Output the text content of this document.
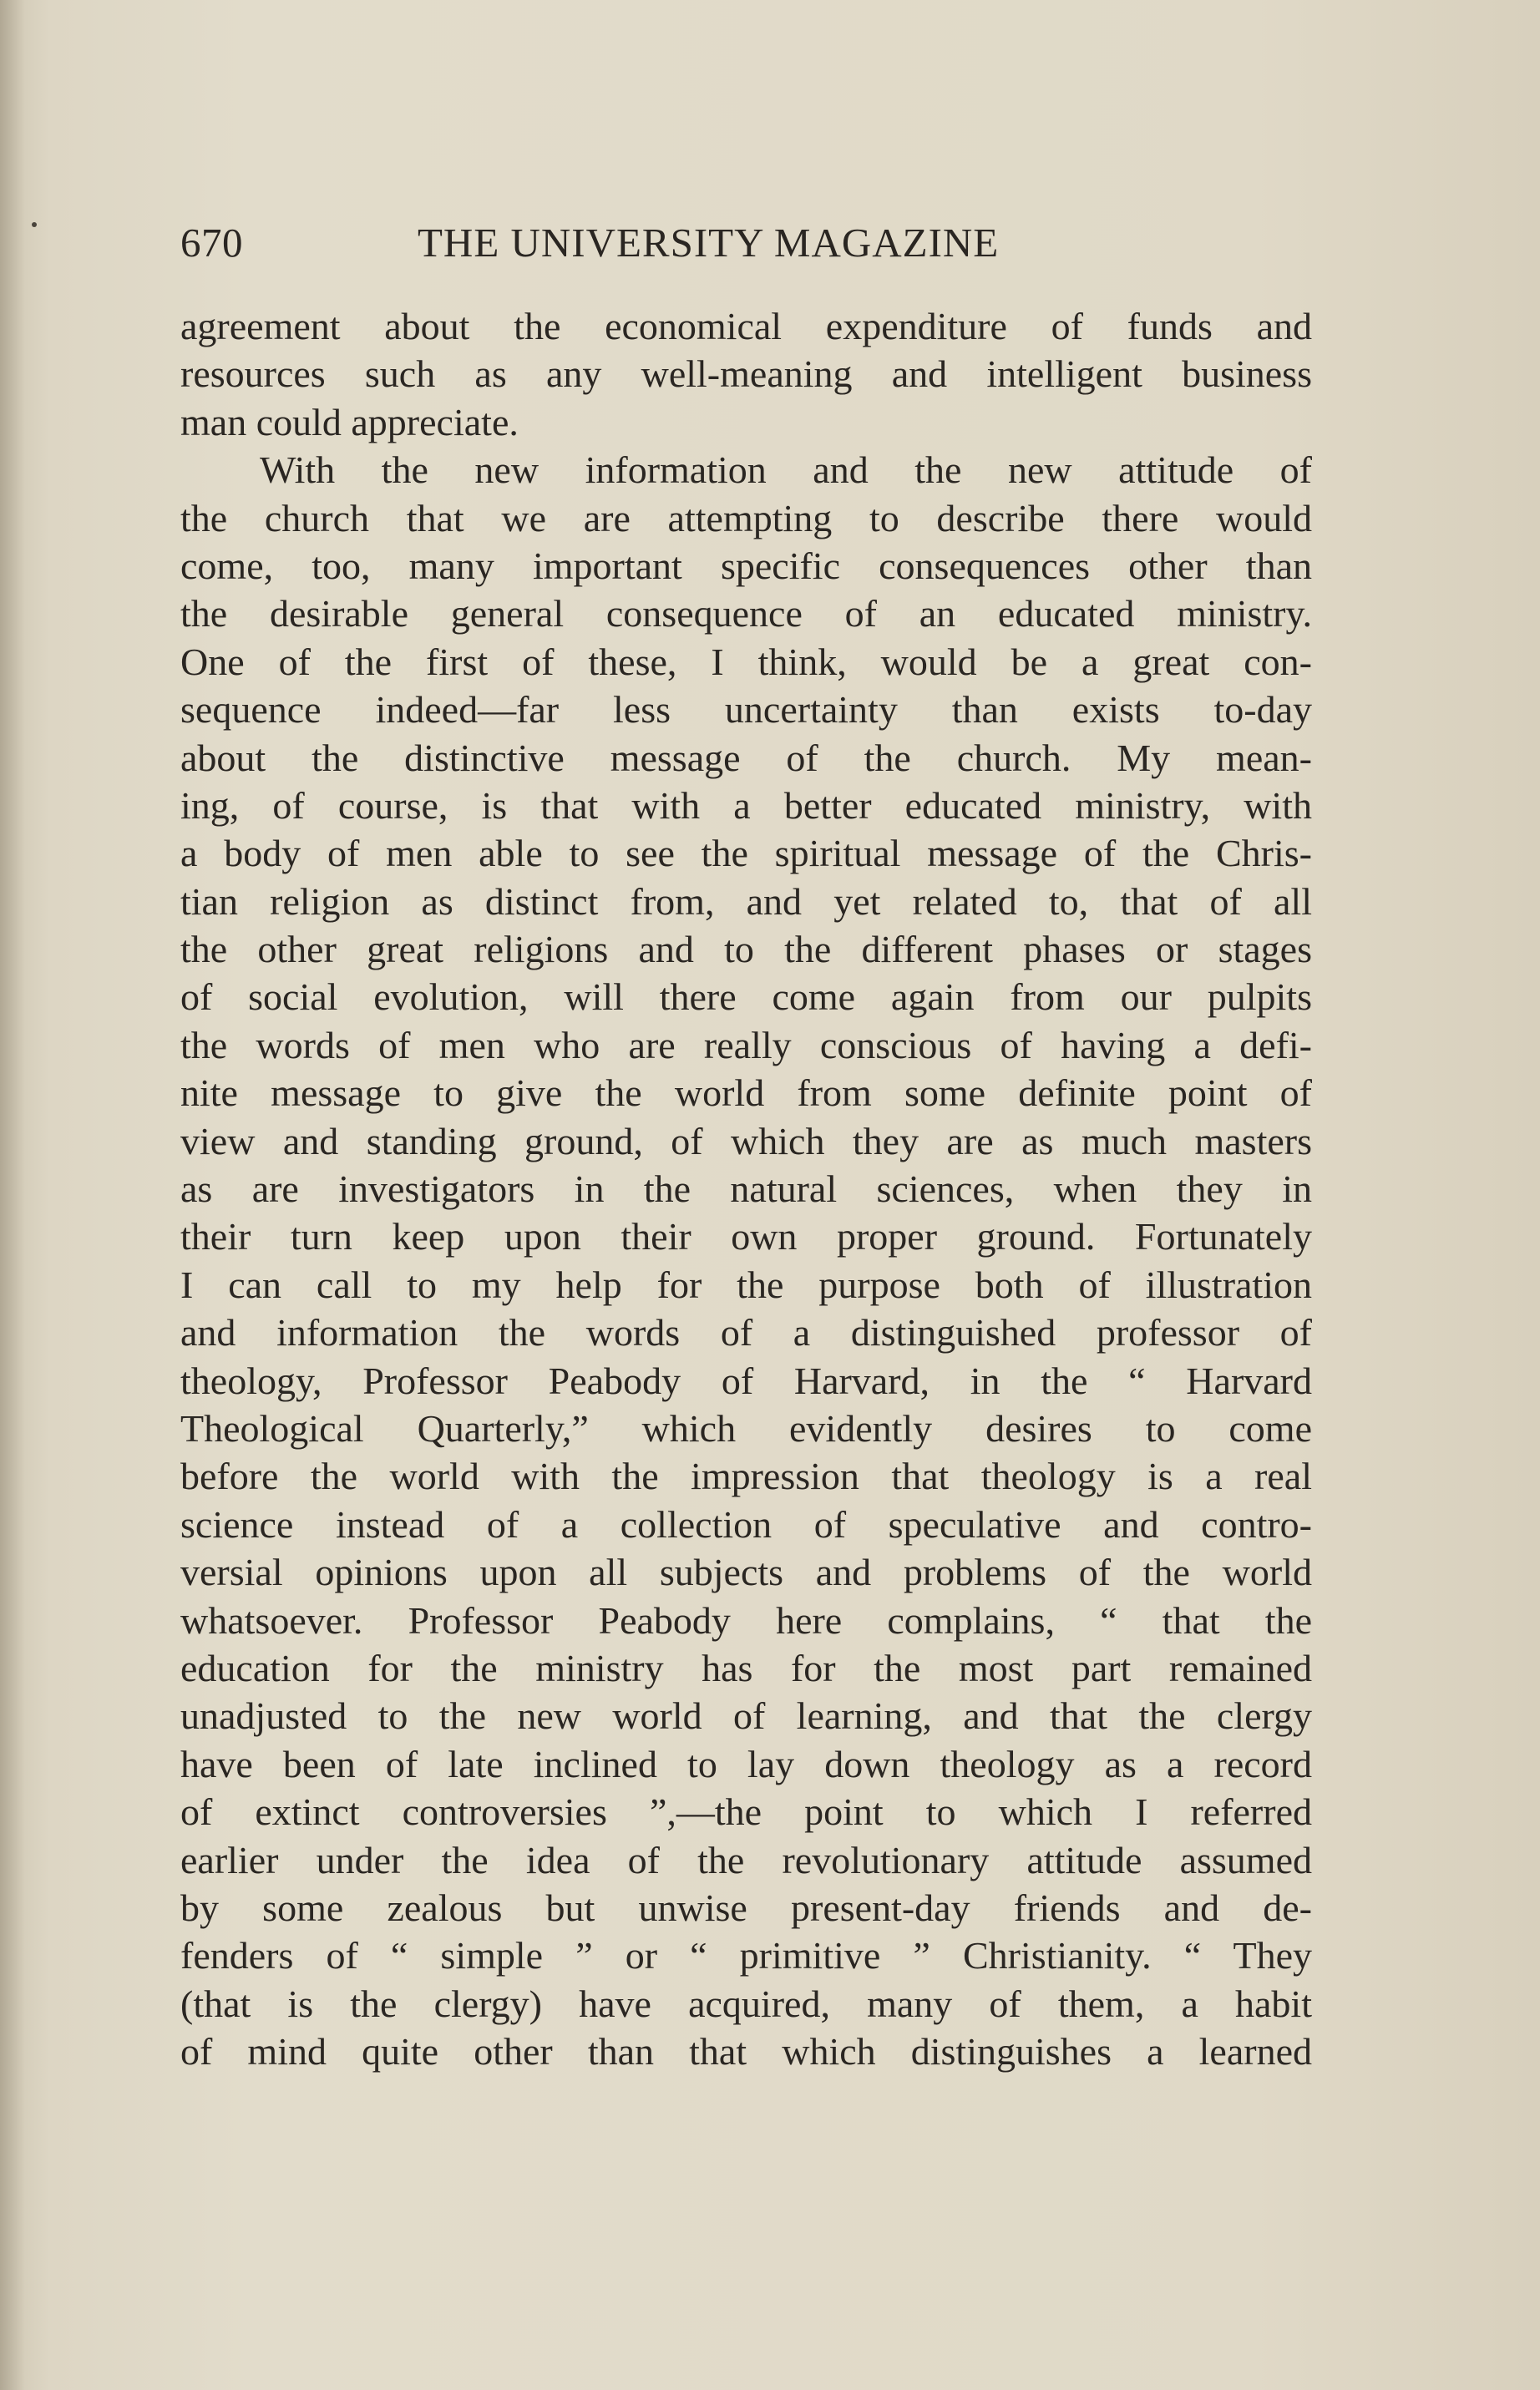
670	THE UNIVERSITY MAGAZINE
agreement about the economical expenditure of funds and
resources such as any well-meaning and intelligent business
man could appreciate.
With the new information and the new attitude of
the church that we are attempting to describe there would
come, too, many important specific consequences other than
the desirable general consequence of an educated ministry.
One of the first of these, I think, would be a great con-
sequence indeed—far less uncertainty than exists to-day
about the distinctive message of the church. My mean-
ing, of course, is that with a better educated ministry, with
a body of men able to see the spiritual message of the Chris-
tian religion as distinct from, and yet related to, that of all
the other great religions and to the different phases or stages
of social evolution, will there come again from our pulpits
the words of men who are really conscious of having a defi-
nite message to give the world from some definite point of
view and standing ground, of which they are as much masters
as are investigators in the natural sciences, when they in
their turn keep upon their own proper ground. Fortunately
I can call to my help for the purpose both of illustration
and information the words of a distinguished professor of
theology, Professor Peabody of Harvard, in the “ Harvard
Theological Quarterly,” which evidently desires to come
before the world with the impression that theology is a real
science instead of a collection of speculative and contro-
versial opinions upon all subjects and problems of the world
whatsoever. Professor Peabody here complains, “ that the
education for the ministry has for the most part remained
unadjusted to the new world of learning, and that the clergy
have been of late inclined to lay down theology as a record
of extinct controversies ”,—the point to which I referred
earlier under the idea of the revolutionary attitude assumed
by some zealous but unwise present-day friends and de-
fenders of “ simple ” or “ primitive ” Christianity. “ They
(that is the clergy) have acquired, many of them, a habit
of mind quite other than that which distinguishes a learned
